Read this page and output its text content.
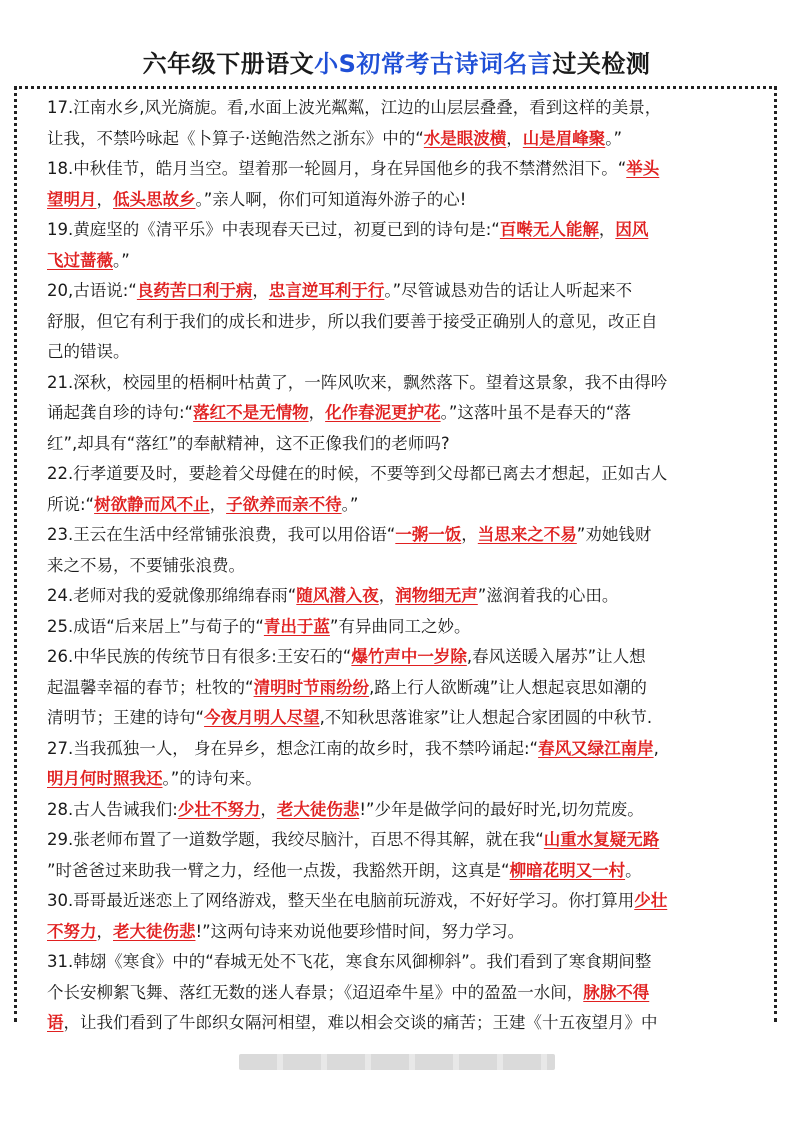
六年级下册语文小S初常考古诗词名言过关检测
17.江南水乡,风光旖旎。看,水面上波光粼粼，江边的山层层叠叠，看到这样的美景，
让我，不禁吟咏起《卜算子·送鲍浩然之浙东》中的“水是眼波横，山是眉峰聚。”
18.中秋佳节，皓月当空。望着那一轮圆月，身在异国他乡的我不禁潸然泪下。“举头
望明月，低头思故乡。”亲人啊，你们可知道海外游子的心!
19.黄庭坚的《清平乐》中表现春天已过，初夏已到的诗句是:“百啭无人能解，因风
飞过蔷薇。”
20,古语说:“良药苦口利于病，忠言逆耳利于行。”尽管诚恳劝告的话让人听起来不
舒服，但它有利于我们的成长和进步，所以我们要善于接受正确别人的意见，改正自
己的错误。
21.深秋，校园里的梧桐叶枯黄了，一阵风吹来，飘然落下。望着这景象，我不由得吟
诵起龚自珍的诗句:“落红不是无情物，化作春泥更护花。”这落叶虽不是春天的“落
红”,却具有“落红”的奉献精神，这不正像我们的老师吗?
22.行孝道要及时，要趁着父母健在的时候，不要等到父母都已离去才想起，正如古人
所说:“树欲静而风不止，子欲养而亲不待。”
23.王云在生活中经常铺张浪费，我可以用俗语“一粥一饭，当思来之不易”劝她钱财
来之不易，不要铺张浪费。
24.老师对我的爱就像那绵绵春雨“随风潜入夜，润物细无声”滋润着我的心田。
25.成语“后来居上”与荀子的“青出于蓝”有异曲同工之妙。
26.中华民族的传统节日有很多:王安石的“爆竹声中一岁除,春风送暖入屠苏”让人想
起温馨幸福的春节；杜牧的“清明时节雨纷纷,路上行人欲断魂”让人想起哀思如潮的
清明节；王建的诗句“今夜月明人尽望,不知秋思落谁家”让人想起合家团圆的中秋节.
27.当我孤独一人， 身在异乡，想念江南的故乡时，我不禁吟诵起:“春风又绿江南岸,
明月何时照我还。”的诗句来。
28.古人告诫我们:少壮不努力，老大徒伤悲!”少年是做学问的最好时光,切勿荒废。
29.张老师布置了一道数学题，我绞尽脑汁，百思不得其解，就在我“山重水复疑无路
”时爸爸过来助我一臂之力，经他一点拨，我豁然开朗，这真是“柳暗花明又一村。
30.哥哥最近迷恋上了网络游戏，整天坐在电脑前玩游戏，不好好学习。你打算用少壮
不努力，老大徒伤悲!”这两句诗来劝说他要珍惜时间，努力学习。
31.韩翃《寒食》中的“春城无处不飞花，寒食东风御柳斜”。我们看到了寒食期间整
个长安柳絮飞舞、落红无数的迷人春景；《迢迢牵牛星》中的盈盈一水间，脉脉不得
语，让我们看到了牛郎织女隔河相望，难以相会交谈的痛苦；王建《十五夜望月》中
